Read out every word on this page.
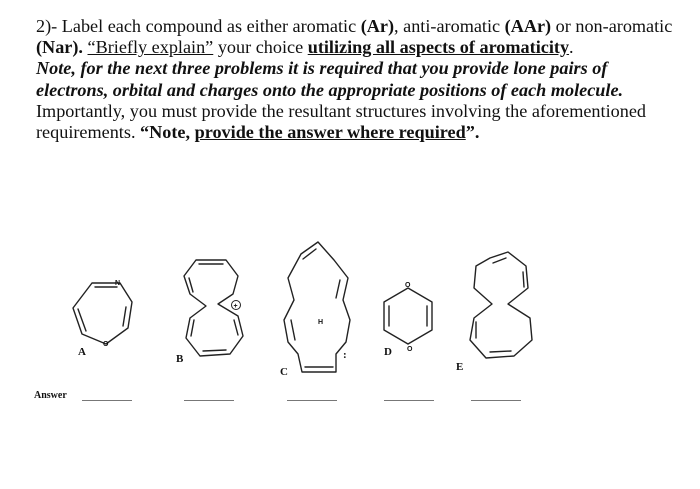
2)- Label each compound as either aromatic (Ar), anti-aromatic (AAr) or non-aromatic (Nar). “Briefly explain” your choice utilizing all aspects of aromaticity.
Note, for the next three problems it is required that you provide lone pairs of electrons, orbital and charges onto the appropriate positions of each molecule. Importantly, you must provide the resultant structures involving the aforementioned requirements. “Note, provide the answer where required”.
N
O
A
+
B
H
:
C
O
O
D
E
Answer
